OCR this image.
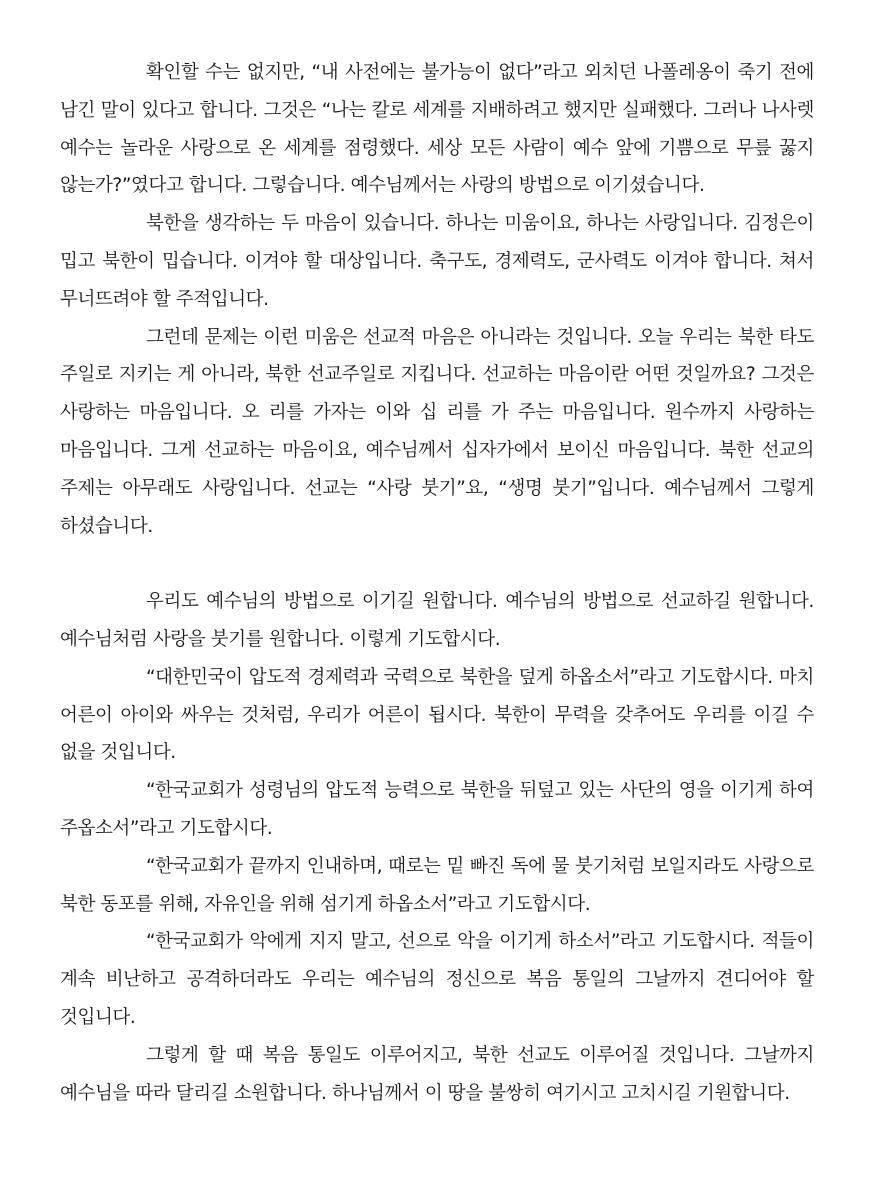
확인할 수는 없지만, “내 사전에는 불가능이 없다”라고 외치던 나폴레옹이 죽기 전에 남긴 말이 있다고 합니다. 그것은 “나는 칼로 세계를 지배하려고 했지만 실패했다. 그러나 나사렛 예수는 놀라운 사랑으로 온 세계를 점령했다. 세상 모든 사람이 예수 앞에 기쁨으로 무릎 꿇지 않는가?”였다고 합니다. 그렇습니다. 예수님께서는 사랑의 방법으로 이기셨습니다.

북한을 생각하는 두 마음이 있습니다. 하나는 미움이요, 하나는 사랑입니다. 김정은이 밉고 북한이 밉습니다. 이겨야 할 대상입니다. 축구도, 경제력도, 군사력도 이겨야 합니다. 쳐서 무너뜨려야 할 주적입니다.

그런데 문제는 이런 미움은 선교적 마음은 아니라는 것입니다. 오늘 우리는 북한 타도 주일로 지키는 게 아니라, 북한 선교주일로 지킵니다. 선교하는 마음이란 어떤 것일까요? 그것은 사랑하는 마음입니다. 오 리를 가자는 이와 십 리를 가 주는 마음입니다. 원수까지 사랑하는 마음입니다. 그게 선교하는 마음이요, 예수님께서 십자가에서 보이신 마음입니다. 북한 선교의 주제는 아무래도 사랑입니다. 선교는 “사랑 붓기”요, “생명 붓기”입니다. 예수님께서 그렇게 하셨습니다.

우리도 예수님의 방법으로 이기길 원합니다. 예수님의 방법으로 선교하길 원합니다. 예수님처럼 사랑을 붓기를 원합니다. 이렇게 기도합시다.

“대한민국이 압도적 경제력과 국력으로 북한을 덮게 하옵소서”라고 기도합시다. 마치 어른이 아이와 싸우는 것처럼, 우리가 어른이 됩시다. 북한이 무력을 갖추어도 우리를 이길 수 없을 것입니다.

“한국교회가 성령님의 압도적 능력으로 북한을 뒤덮고 있는 사단의 영을 이기게 하여 주옵소서”라고 기도합시다.

“한국교회가 끝까지 인내하며, 때로는 밑 빠진 독에 물 붓기처럼 보일지라도 사랑으로 북한 동포를 위해, 자유인을 위해 섬기게 하옵소서”라고 기도합시다.

“한국교회가 악에게 지지 말고, 선으로 악을 이기게 하소서”라고 기도합시다. 적들이 계속 비난하고 공격하더라도 우리는 예수님의 정신으로 복음 통일의 그날까지 견디어야 할 것입니다.

그렇게 할 때 복음 통일도 이루어지고, 북한 선교도 이루어질 것입니다. 그날까지 예수님을 따라 달리길 소원합니다. 하나님께서 이 땅을 불쌍히 여기시고 고치시길 기원합니다.
